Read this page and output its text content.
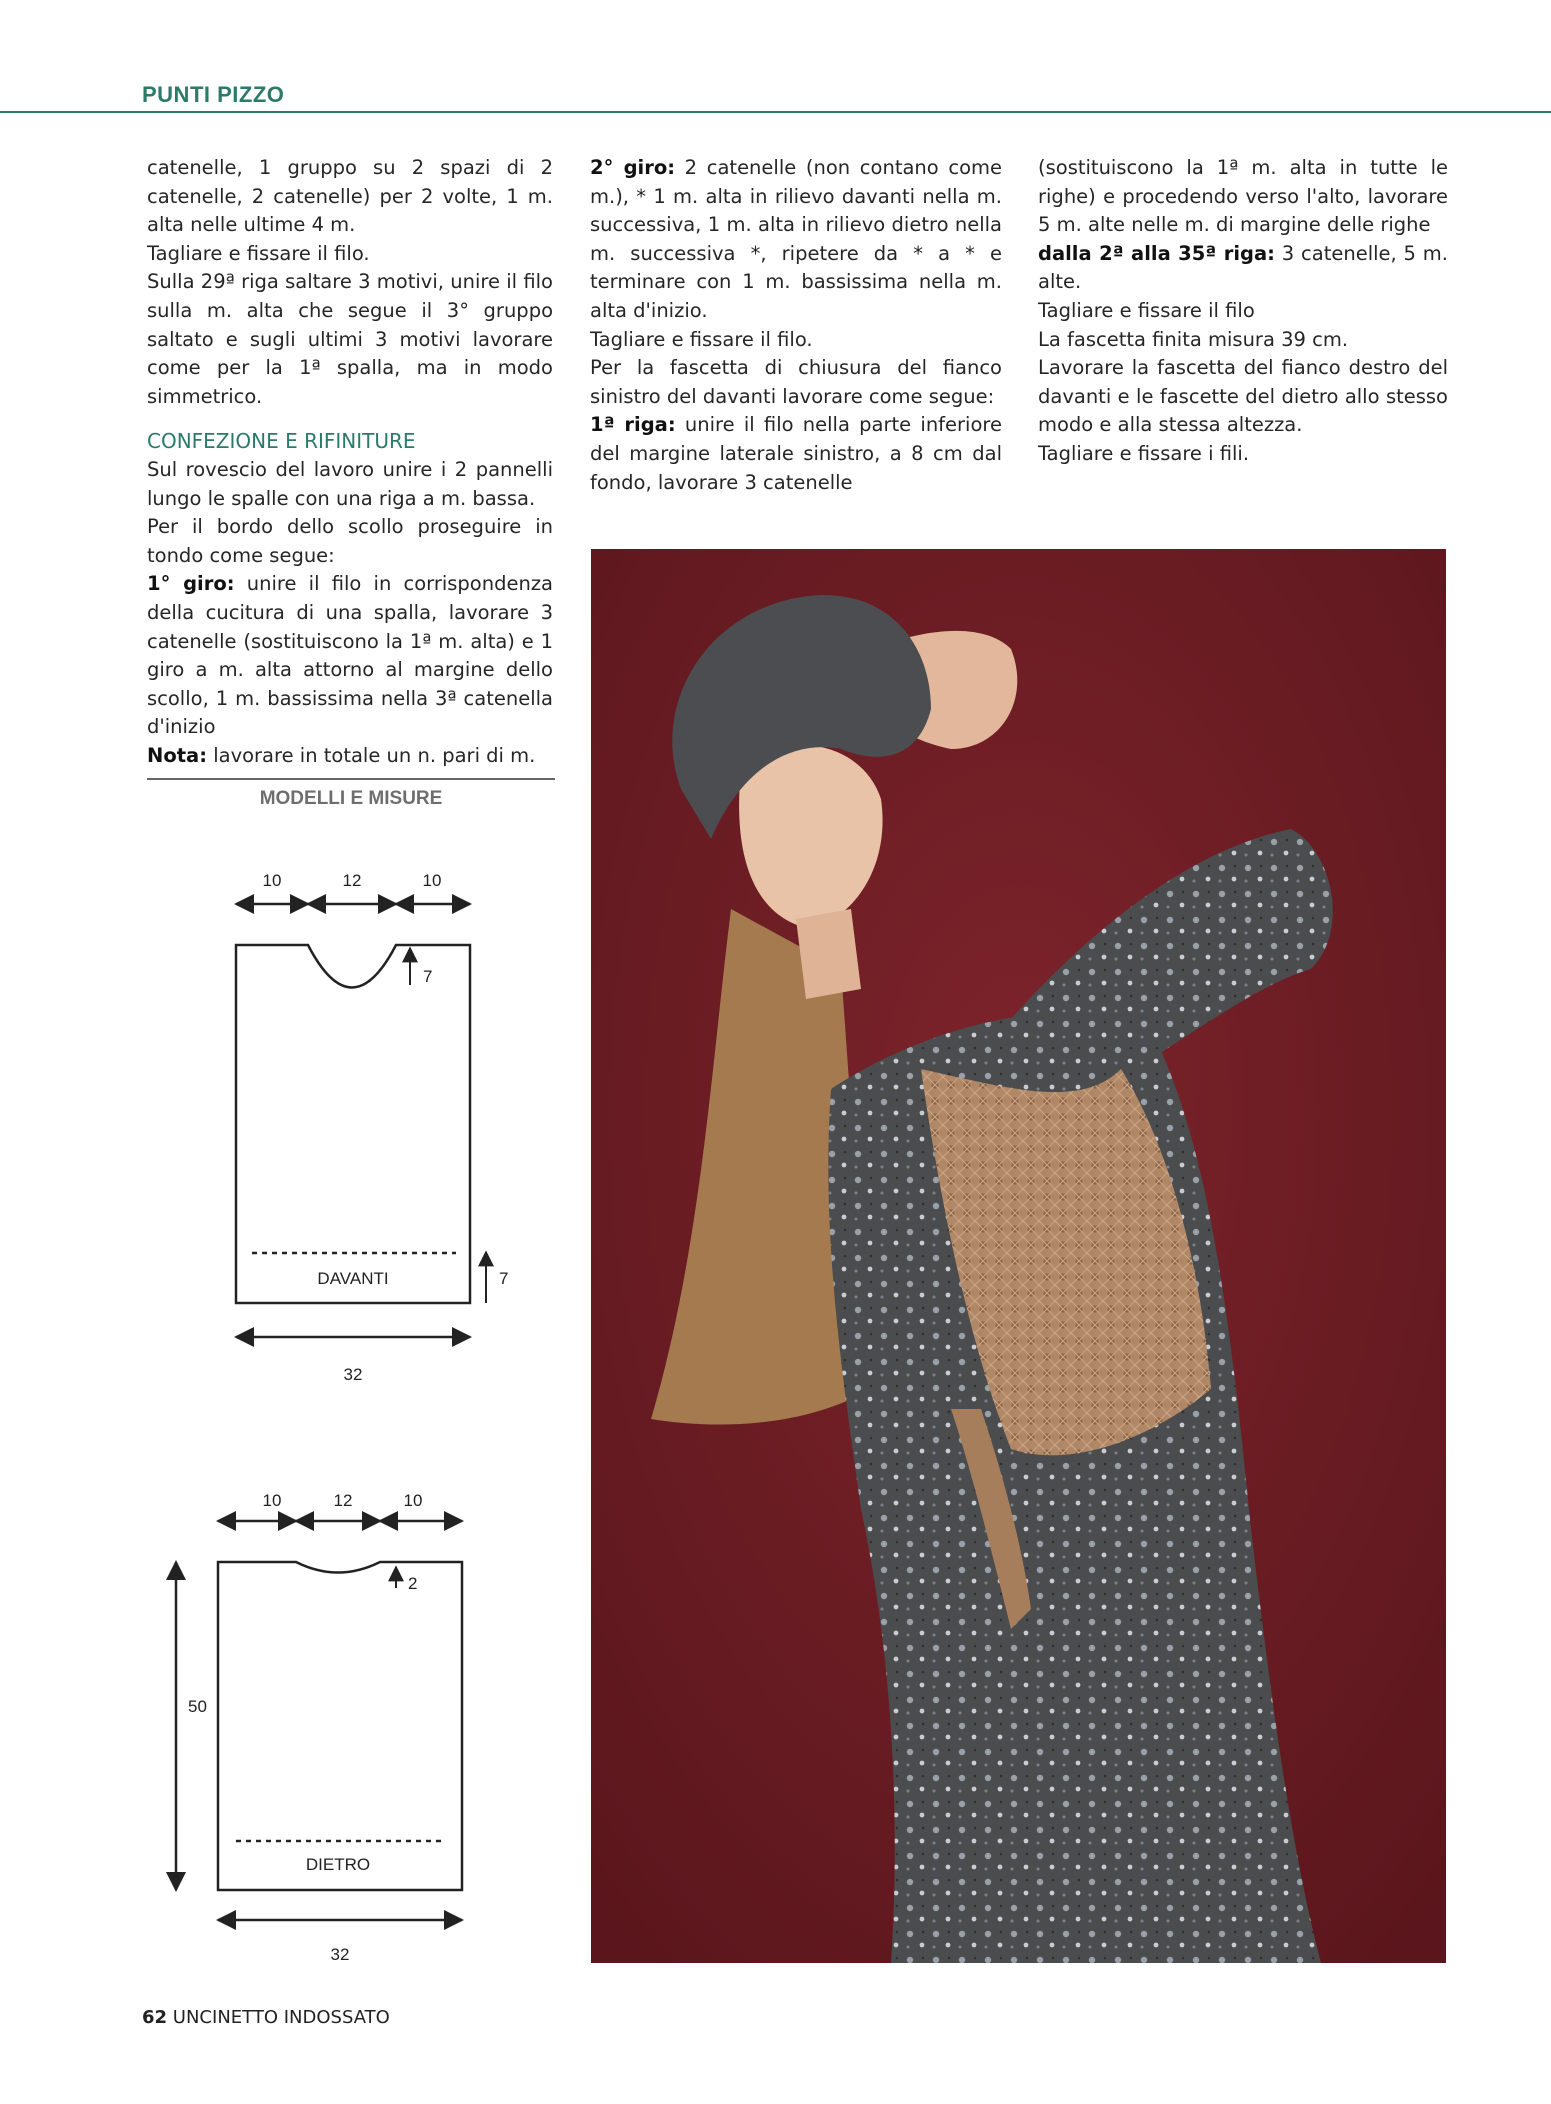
PUNTI PIZZO

catenelle, 1 gruppo su 2 spazi di 2 catenelle, 2 catenelle) per 2 volte, 1 m. alta nelle ultime 4 m.

Tagliare e fissare il filo.

Sulla 29ª riga saltare 3 motivi, unire il filo sulla m. alta che segue il 3° gruppo saltato e sugli ultimi 3 motivi lavorare come per la 1ª spalla, ma in modo simmetrico.

CONFEZIONE E RIFINITURE

Sul rovescio del lavoro unire i 2 pannelli lungo le spalle con una riga a m. bassa.

Per il bordo dello scollo proseguire in tondo come segue:

1° giro: unire il filo in corrispondenza della cucitura di una spalla, lavorare 3 catenelle (sostituiscono la 1ª m. alta) e 1 giro a m. alta attorno al margine dello scollo, 1 m. bassissima nella 3ª catenella d'inizio

Nota: lavorare in totale un n. pari di m.

2° giro: 2 catenelle (non contano come m.), * 1 m. alta in rilievo davanti nella m. successiva, 1 m. alta in rilievo dietro nella m. successiva *, ripetere da * a * e terminare con 1 m. bassissima nella m. alta d'inizio.

Tagliare e fissare il filo.

Per la fascetta di chiusura del fianco sinistro del davanti lavorare come segue:

1ª riga: unire il filo nella parte inferiore del margine laterale sinistro, a 8 cm dal fondo, lavorare 3 catenelle

(sostituiscono la 1ª m. alta in tutte le righe) e procedendo verso l'alto, lavorare 5 m. alte nelle m. di margine delle righe

dalla 2ª alla 35ª riga: 3 catenelle, 5 m. alte.

Tagliare e fissare il filo

La fascetta finita misura 39 cm.

Lavorare la fascetta del fianco destro del davanti e le fascette del dietro allo stesso modo e alla stessa altezza.

Tagliare e fissare i fili.

MODELLI E MISURE
10	12	10
7
DAVANTI	7
32
10	12	10
2
50
DIETRO
32
62 UNCINETTO INDOSSATO
